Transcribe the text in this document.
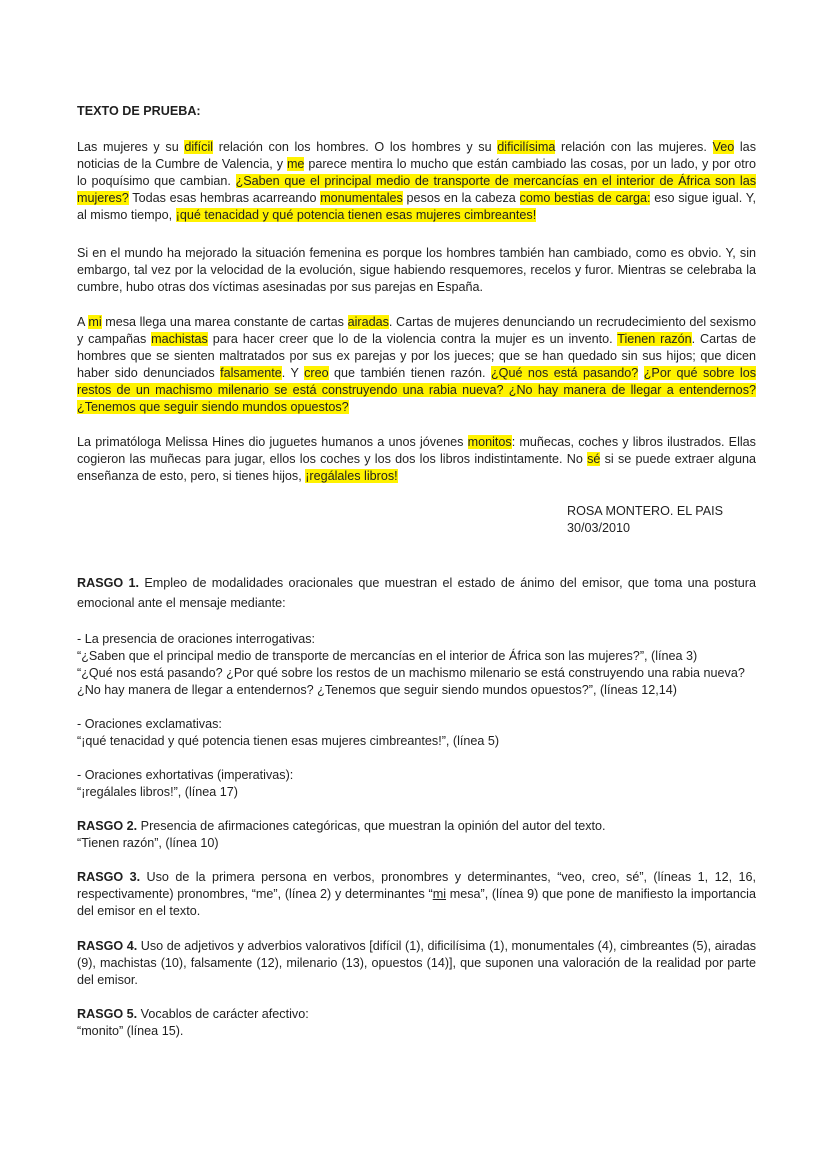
TEXTO DE PRUEBA:

Las mujeres y su difícil relación con los hombres. O los hombres y su dificilísima relación con las mujeres. Veo las noticias de la Cumbre de Valencia, y me parece mentira lo mucho que están cambiado las cosas, por un lado, y por otro lo poquísimo que cambian. ¿Saben que el principal medio de transporte de mercancías en el interior de África son las mujeres? Todas esas hembras acarreando monumentales pesos en la cabeza como bestias de carga: eso sigue igual. Y, al mismo tiempo, ¡qué tenacidad y qué potencia tienen esas mujeres cimbreantes!

Si en el mundo ha mejorado la situación femenina es porque los hombres también han cambiado, como es obvio. Y, sin embargo, tal vez por la velocidad de la evolución, sigue habiendo resquemores, recelos y furor. Mientras se celebraba la cumbre, hubo otras dos víctimas asesinadas por sus parejas en España.

A mi mesa llega una marea constante de cartas airadas. Cartas de mujeres denunciando un recrudecimiento del sexismo y campañas machistas para hacer creer que lo de la violencia contra la mujer es un invento. Tienen razón. Cartas de hombres que se sienten maltratados por sus ex parejas y por los jueces; que se han quedado sin sus hijos; que dicen haber sido denunciados falsamente. Y creo que también tienen razón. ¿Qué nos está pasando? ¿Por qué sobre los restos de un machismo milenario se está construyendo una rabia nueva? ¿No hay manera de llegar a entendernos? ¿Tenemos que seguir siendo mundos opuestos?

La primatóloga Melissa Hines dio juguetes humanos a unos jóvenes monitos: muñecas, coches y libros ilustrados. Ellas cogieron las muñecas para jugar, ellos los coches y los dos los libros indistintamente. No sé si se puede extraer alguna enseñanza de esto, pero, si tienes hijos, ¡regálales libros!

ROSA MONTERO. EL PAIS
30/03/2010

RASGO 1. Empleo de modalidades oracionales que muestran el estado de ánimo del emisor, que toma una postura emocional ante el mensaje mediante:

- La presencia de oraciones interrogativas:
“¿Saben que el principal medio de transporte de mercancías en el interior de África son las mujeres?”, (línea 3)
“¿Qué nos está pasando? ¿Por qué sobre los restos de un machismo milenario se está construyendo una rabia nueva?
¿No hay manera de llegar a entendernos? ¿Tenemos que seguir siendo mundos opuestos?”, (líneas 12,14)
- Oraciones exclamativas:
“¡qué tenacidad y qué potencia tienen esas mujeres cimbreantes!”, (línea 5)
- Oraciones exhortativas (imperativas):
“¡regálales libros!”, (línea 17)
RASGO 2. Presencia de afirmaciones categóricas, que muestran la opinión del autor del texto.
“Tienen razón”, (línea 10)

RASGO 3. Uso de la primera persona en verbos, pronombres y determinantes, “veo, creo, sé”, (líneas 1, 12, 16, respectivamente) pronombres, “me”, (línea 2) y determinantes “mi mesa”, (línea 9) que pone de manifiesto la importancia del emisor en el texto.

RASGO 4. Uso de adjetivos y adverbios valorativos [difícil (1), dificilísima (1), monumentales (4), cimbreantes (5), airadas (9), machistas (10), falsamente (12), milenario (13), opuestos (14)], que suponen una valoración de la realidad por parte del emisor.

RASGO 5. Vocablos de carácter afectivo:
“monito” (línea 15).
